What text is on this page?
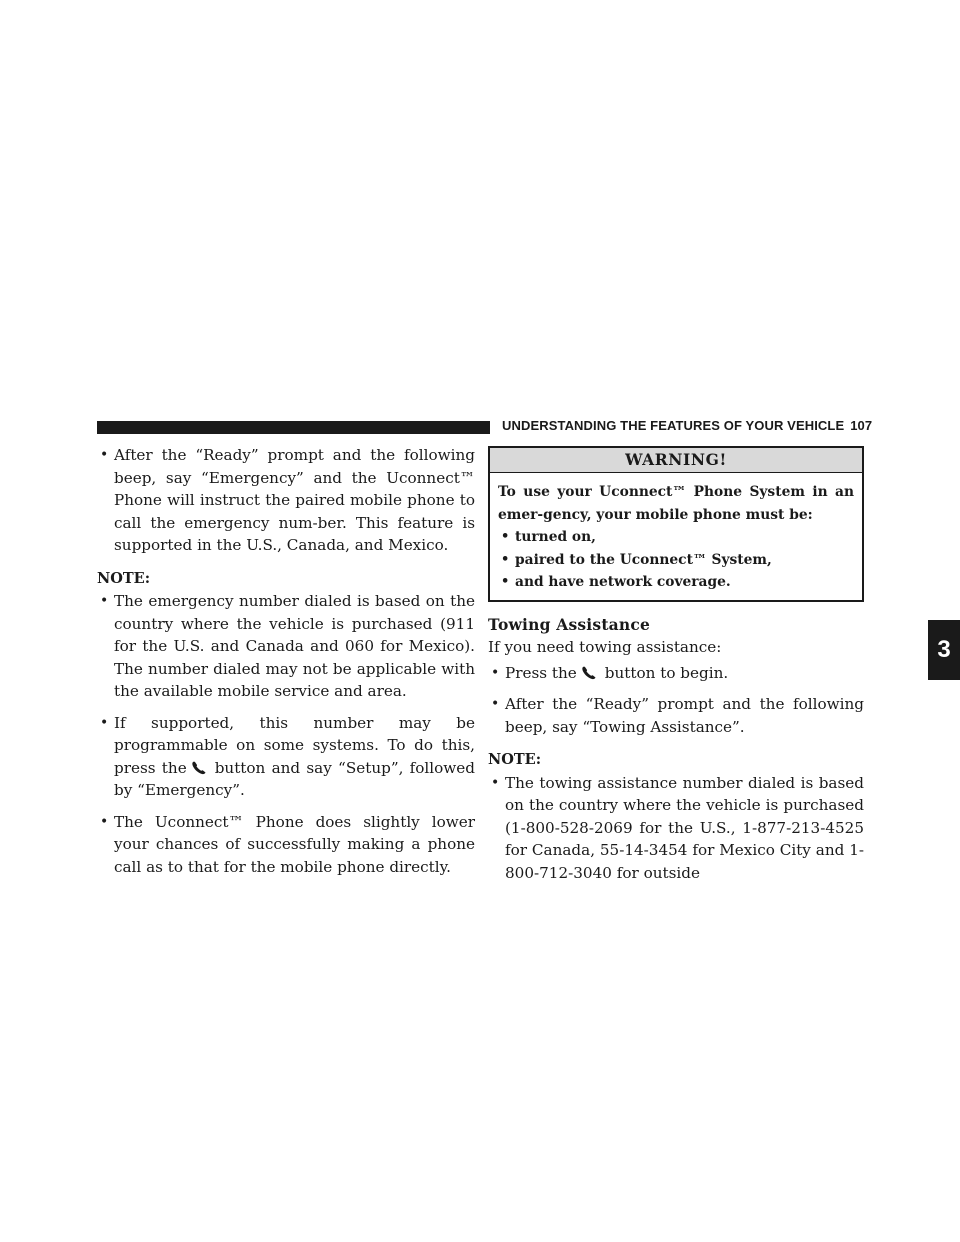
UNDERSTANDING THE FEATURES OF YOUR VEHICLE 107
3

• After the “Ready” prompt and the following beep, say “Emergency” and the Uconnect™ Phone will instruct the paired mobile phone to call the emergency num-ber. This feature is supported in the U.S., Canada, and Mexico.

NOTE:

• The emergency number dialed is based on the country where the vehicle is purchased (911 for the U.S. and Canada and 060 for Mexico). The number dialed may not be applicable with the available mobile service and area.

• If supported, this number may be programmable on some systems. To do this, press the button and say “Setup”, followed by “Emergency”.

• The Uconnect™ Phone does slightly lower your chances of successfully making a phone call as to that for the mobile phone directly.

WARNING!

To use your Uconnect™ Phone System in an emer-gency, your mobile phone must be:

• turned on,

• paired to the Uconnect™ System,

• and have network coverage.

Towing Assistance

If you need towing assistance:

• Press the button to begin.

• After the “Ready” prompt and the following beep, say “Towing Assistance”.

NOTE:

• The towing assistance number dialed is based on the country where the vehicle is purchased (1-800-528-2069 for the U.S., 1-877-213-4525 for Canada, 55-14-3454 for Mexico City and 1-800-712-3040 for outside
